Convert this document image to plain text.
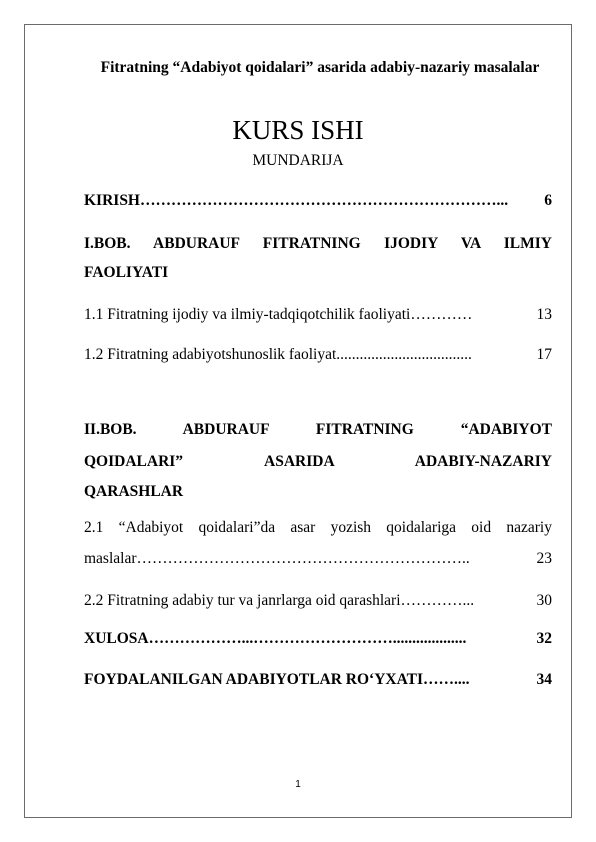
Fitratning “Adabiyot qoidalari” asarida adabiy-nazariy masalalar
KURS ISHI
MUNDARIJA
KIRISH……………………………………………………………... 6
I.BOB. ABDURAUF FITRATNING IJODIY VA ILMIY
FAOLIYATI
1.1 Fitratning ijodiy va ilmiy-tadqiqotchilik faoliyati…………	13
1.2 Fitratning adabiyotshunoslik faoliyat...................................	17
II.BOB. ABDURAUF FITRATNING “ADABIYOT
QOIDALARI” ASARIDA ADABIY-NAZARIY
QARASHLAR
2.1 “Adabiyot qoidalari”da asar yozish qoidalariga oid nazariy
maslalar………………………………………………………..	23
2.2 Fitratning adabiy tur va janrlarga oid qarashlari…………...	30
XULOSA………………...………………………...................	32
FOYDALANILGAN ADABIYOTLAR RO‘YXATI……....	34
1
